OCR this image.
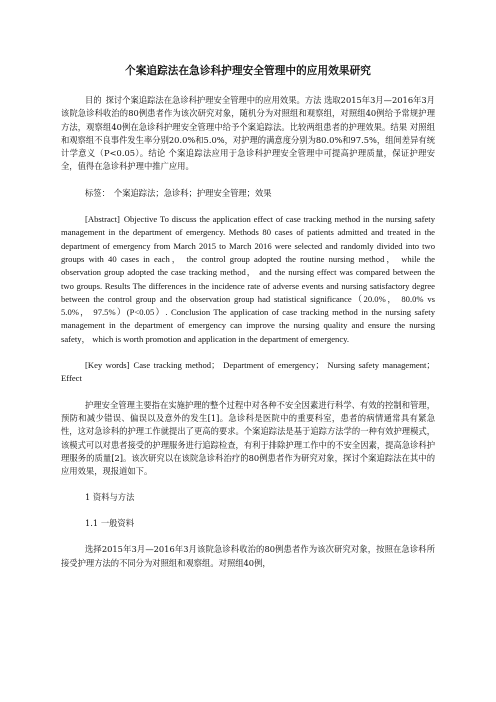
个案追踪法在急诊科护理安全管理中的应用效果研究
目的 探讨个案追踪法在急诊科护理安全管理中的应用效果。方法 选取2015年3月—2016年3月该院急诊科收治的80例患者作为该次研究对象，随机分为对照组和观察组，对照组40例给予常规护理方法，观察组40例在急诊科护理安全管理中给予个案追踪法。比较两组患者的护理效果。结果 对照组和观察组不良事件发生率分别20.0%和5.0%，对护理的满意度分别为80.0%和97.5%，组间差异有统计学意义（P<0.05）。结论 个案追踪法应用于急诊科护理安全管理中可提高护理质量，保证护理安全，值得在急诊科护理中推广应用。
标签： 个案追踪法；急诊科；护理安全管理；效果
[Abstract] Objective To discuss the application effect of case tracking method in the nursing safety management in the department of emergency. Methods 80 cases of patients admitted and treated in the department of emergency from March 2015 to March 2016 were selected and randomly divided into two groups with 40 cases in each， the control group adopted the routine nursing method， while the observation group adopted the case tracking method， and the nursing effect was compared between the two groups. Results The differences in the incidence rate of adverse events and nursing satisfactory degree between the control group and the observation group had statistical significance（20.0%， 80.0% vs 5.0%， 97.5%）(P<0.05）. Conclusion The application of case tracking method in the nursing safety management in the department of emergency can improve the nursing quality and ensure the nursing safety， which is worth promotion and application in the department of emergency.
[Key words] Case tracking method； Department of emergency； Nursing safety management； Effect
护理安全管理主要指在实施护理的整个过程中对各种不安全因素进行科学、有效的控制和管理，预防和减少错误、偏误以及意外的发生[1]。急诊科是医院中的重要科室，患者的病情通常具有紧急性，这对急诊科的护理工作就提出了更高的要求。个案追踪法是基于追踪方法学的一种有效护理模式，该模式可以对患者接受的护理服务进行追踪检查，有利于排除护理工作中的不安全因素，提高急诊科护理服务的质量[2]。该次研究以在该院急诊科治疗的80例患者作为研究对象，探讨个案追踪法在其中的应用效果，现报道如下。
1 资料与方法
1.1 一般资料
选择2015年3月—2016年3月该院急诊科收治的80例患者作为该次研究对象，按照在急诊科所接受护理方法的不同分为对照组和观察组。对照组40例，
